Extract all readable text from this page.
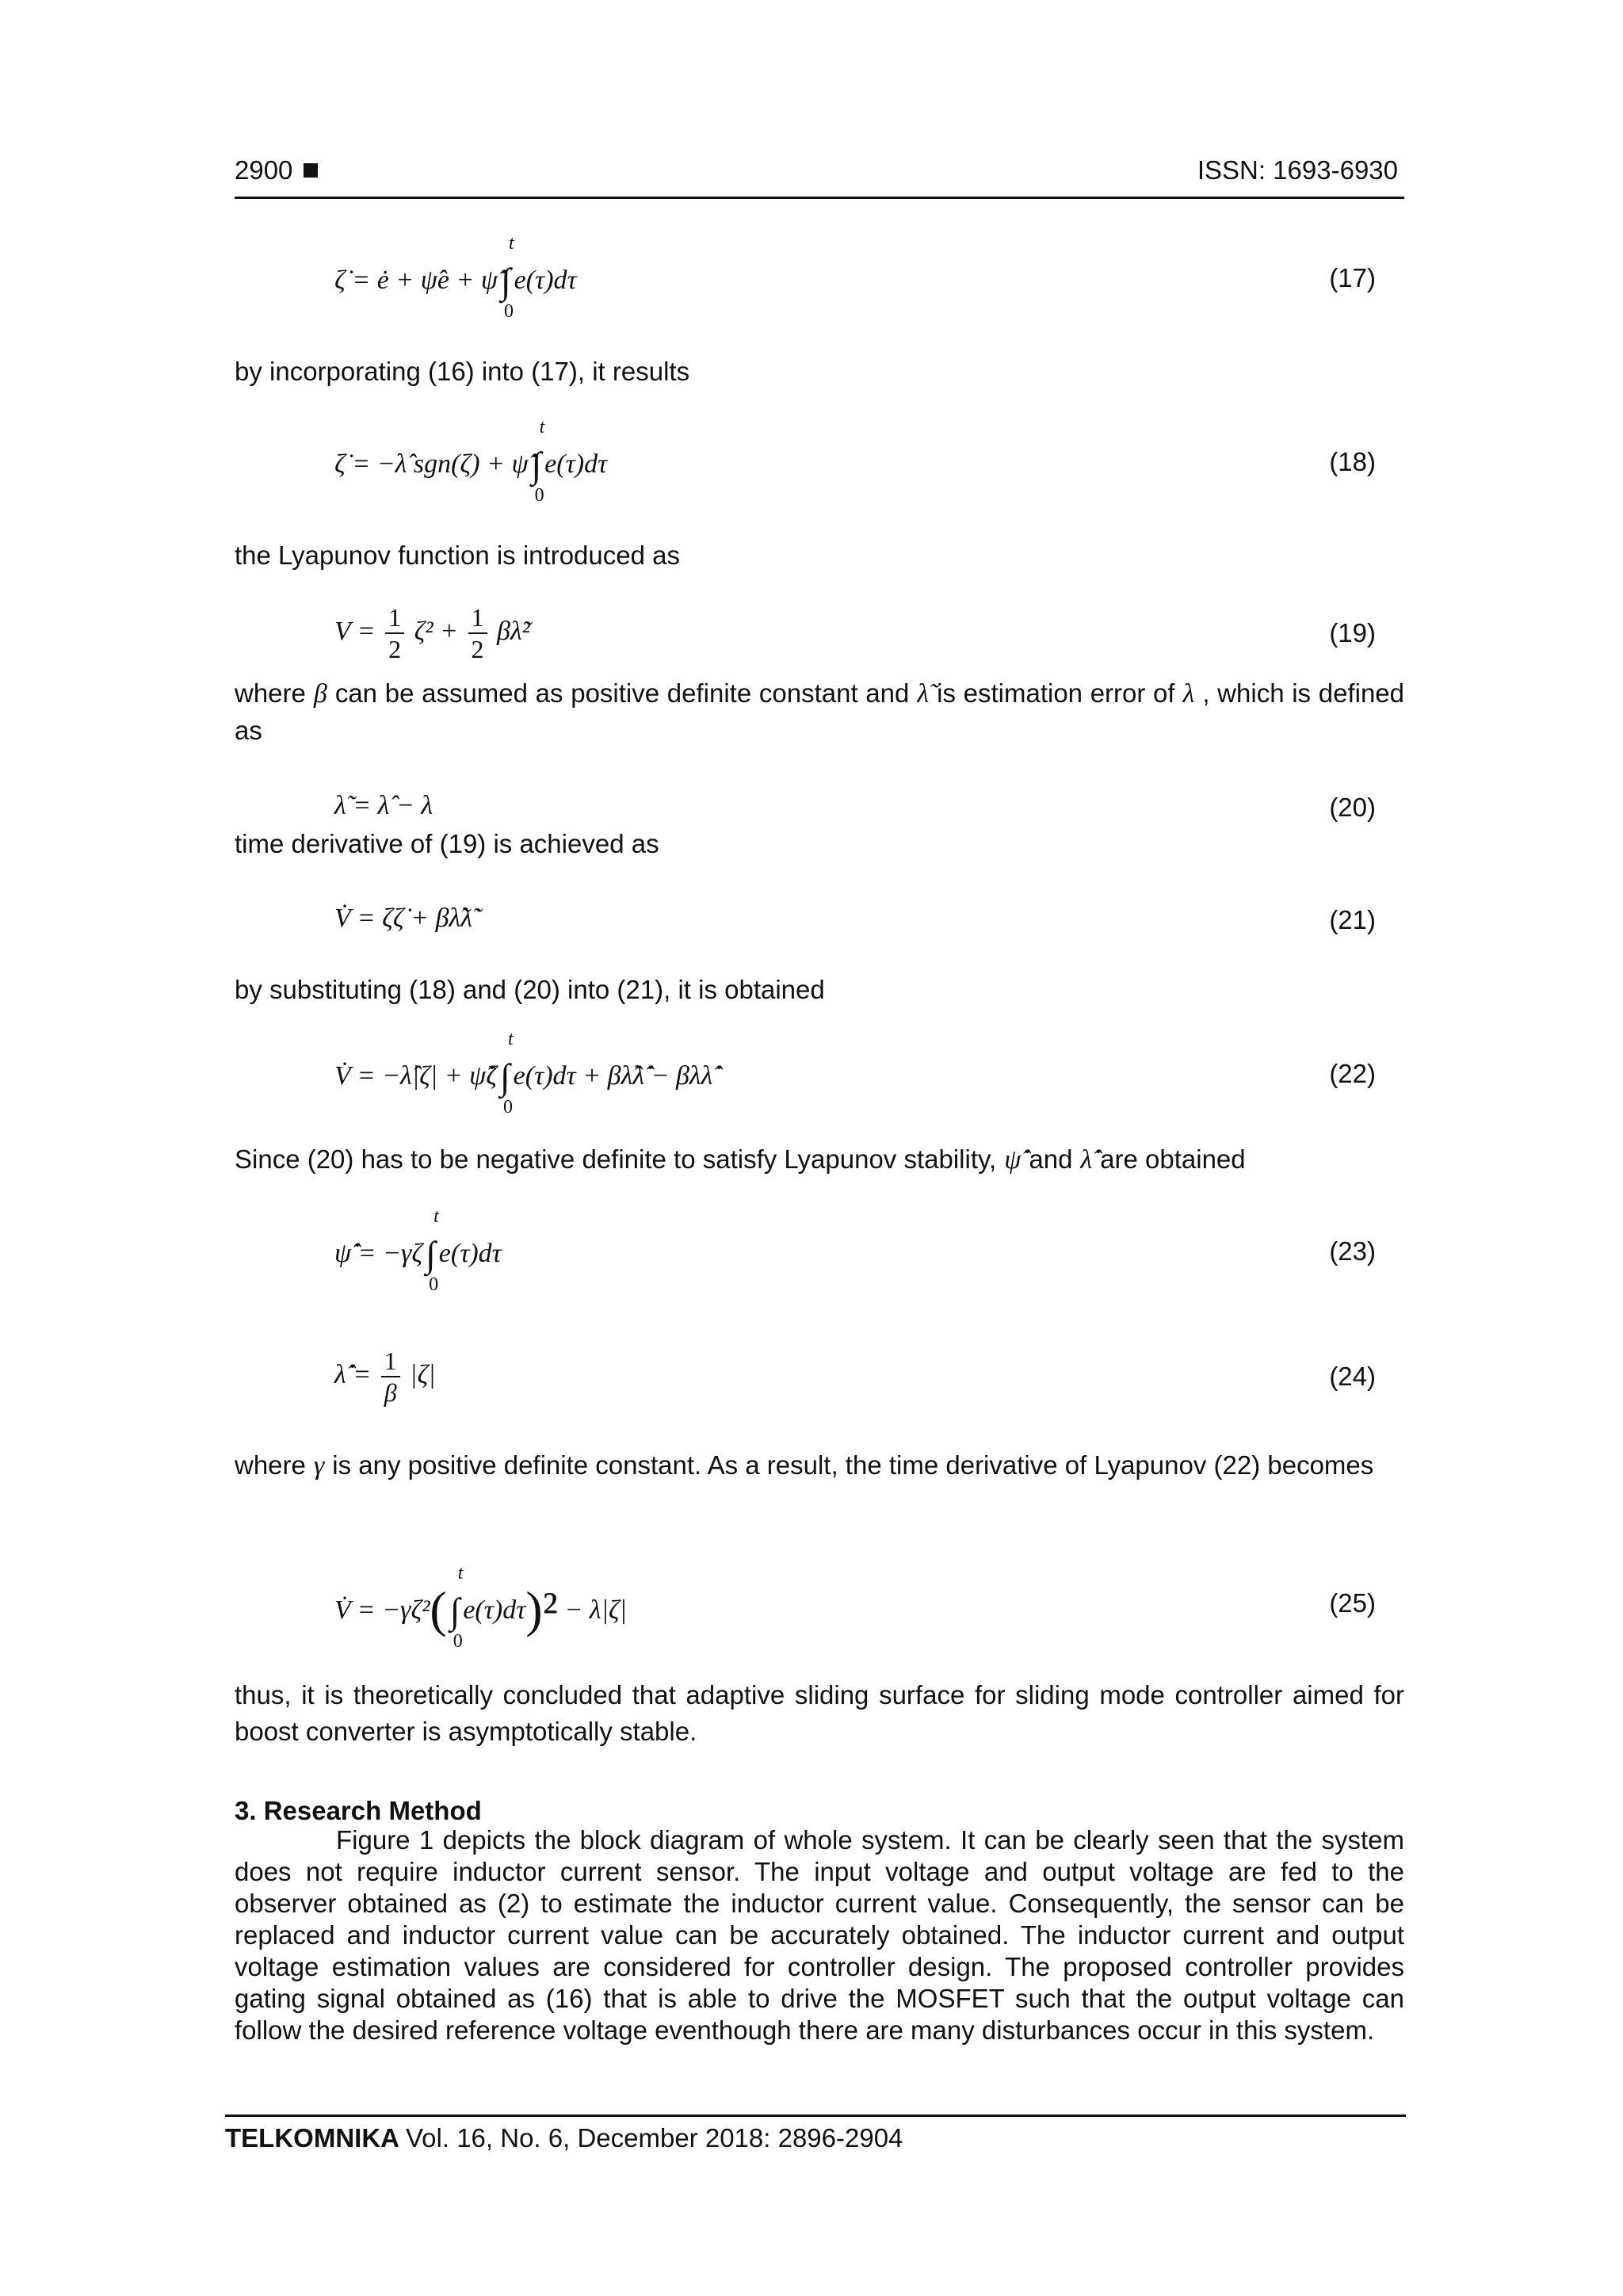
2900	ISSN: 1693-6930
ζ̇ = ė + ψ̂e + ψ̂̇∫
t
0
e(τ)dτ	(17)
by incorporating (16) into (17), it results
ζ̇ = −λ̂ sgn(ζ) + ψ̂̇∫
t
0
e(τ)dτ	(18)
the Lyapunov function is introduced as
$V = \frac{1}{2} \zeta^2 + \frac{1}{2}$ βλ̃²	(19)
where β can be assumed as positive definite constant and λ̃ is estimation error of λ , which is defined as
λ̃ = λ̂ − λ	(20)
time derivative of (19) is achieved as
V̇ = ζζ̇ + βλ̃λ̃̇	(21)
by substituting (18) and (20) into (21), it is obtained
V̇ = −λ̂|ζ| + ψ̂̇ζ∫
t
0
e(τ)dτ + βλ̂λ̂̇ − βλλ̂̇	(22)
Since (20) has to be negative definite to satisfy Lyapunov stability, ψ̂̇ and λ̂̇ are obtained
ψ̂̇ = −γζ∫
t
0
e(τ)dτ	(23)
λ̂̇ = $\frac{1}{\beta} |\zeta|$	(24)
where γ is any positive definite constant. As a result, the time derivative of Lyapunov (22) becomes
V̇ = −γζ²(∫
t
0
e(τ)dτ)² − λ|ζ|	(25)
thus, it is theoretically concluded that adaptive sliding surface for sliding mode controller aimed for boost converter is asymptotically stable.
3. Research Method
Figure 1 depicts the block diagram of whole system. It can be clearly seen that the system does not require inductor current sensor. The input voltage and output voltage are fed to the observer obtained as (2) to estimate the inductor current value. Consequently, the sensor can be replaced and inductor current value can be accurately obtained. The inductor current and output voltage estimation values are considered for controller design. The proposed controller provides gating signal obtained as (16) that is able to drive the MOSFET such that the output voltage can follow the desired reference voltage eventhough there are many disturbances occur in this system.
TELKOMNIKA Vol. 16, No. 6, December 2018: 2896-2904
